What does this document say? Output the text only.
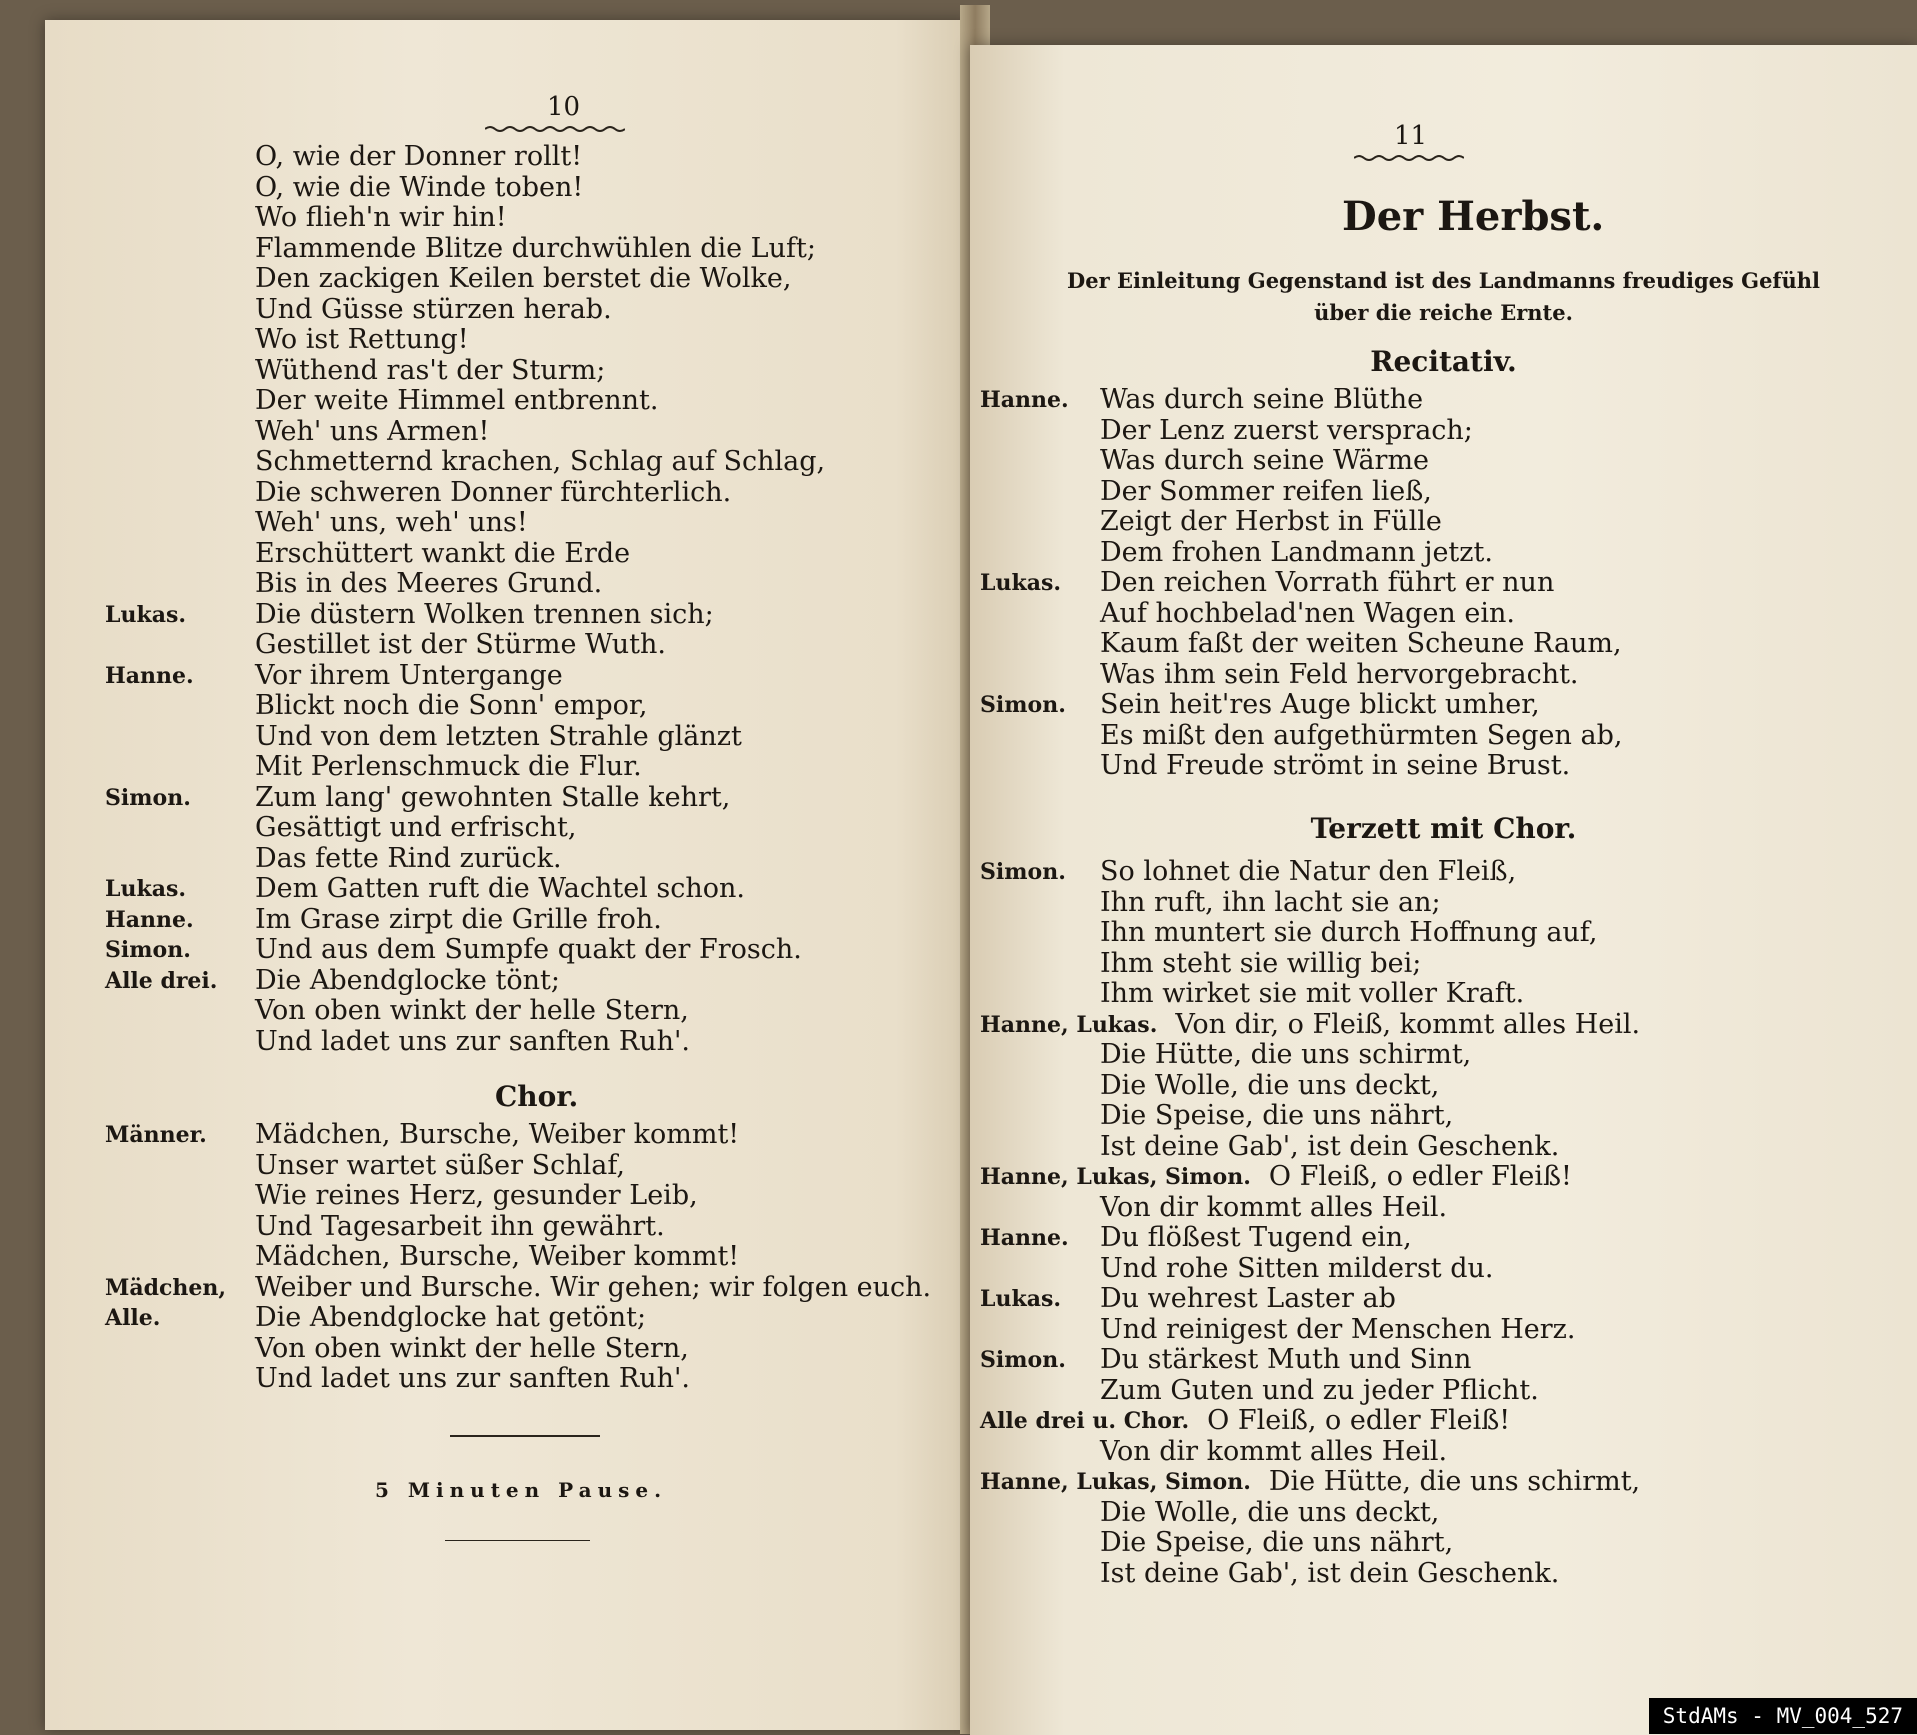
10
O, wie der Donner rollt!
O, wie die Winde toben!
Wo flieh'n wir hin!
Flammende Blitze durchwühlen die Luft;
Den zackigen Keilen berstet die Wolke,
Und Güsse stürzen herab.
Wo ist Rettung!
Wüthend ras't der Sturm;
Der weite Himmel entbrennt.
Weh' uns Armen!
Schmetternd krachen, Schlag auf Schlag,
Die schweren Donner fürchterlich.
Weh' uns, weh' uns!
Erschüttert wankt die Erde
Bis in des Meeres Grund.
Lukas.	Die düstern Wolken trennen sich;
Gestillet ist der Stürme Wuth.
Hanne.	Vor ihrem Untergange
Blickt noch die Sonn' empor,
Und von dem letzten Strahle glänzt
Mit Perlenschmuck die Flur.
Simon.	Zum lang' gewohnten Stalle kehrt,
Gesättigt und erfrischt,
Das fette Rind zurück.
Lukas.	Dem Gatten ruft die Wachtel schon.
Hanne.	Im Grase zirpt die Grille froh.
Simon.	Und aus dem Sumpfe quakt der Frosch.
Alle drei.	Die Abendglocke tönt;
Von oben winkt der helle Stern,
Und ladet uns zur sanften Ruh'.
Chor.
Männer.	Mädchen, Bursche, Weiber kommt!
Unser wartet süßer Schlaf,
Wie reines Herz, gesunder Leib,
Und Tagesarbeit ihn gewährt.
Mädchen, Bursche, Weiber kommt!
Mädchen,	Weiber und Bursche. Wir gehen; wir folgen euch.
Alle.	Die Abendglocke hat getönt;
Von oben winkt der helle Stern,
Und ladet uns zur sanften Ruh'.
5 Minuten Pause.
11
Der Herbst.
Der Einleitung Gegenstand ist des Landmanns freudiges Gefühl
über die reiche Ernte.
Recitativ.
Hanne.	Was durch seine Blüthe
Der Lenz zuerst versprach;
Was durch seine Wärme
Der Sommer reifen ließ,
Zeigt der Herbst in Fülle
Dem frohen Landmann jetzt.
Lukas.	Den reichen Vorrath führt er nun
Auf hochbelad'nen Wagen ein.
Kaum faßt der weiten Scheune Raum,
Was ihm sein Feld hervorgebracht.
Simon.	Sein heit'res Auge blickt umher,
Es mißt den aufgethürmten Segen ab,
Und Freude strömt in seine Brust.
Terzett mit Chor.
Simon.	So lohnet die Natur den Fleiß,
Ihn ruft, ihn lacht sie an;
Ihn muntert sie durch Hoffnung auf,
Ihm steht sie willig bei;
Ihm wirket sie mit voller Kraft.
Hanne, Lukas. Von dir, o Fleiß, kommt alles Heil.
Die Hütte, die uns schirmt,
Die Wolle, die uns deckt,
Die Speise, die uns nährt,
Ist deine Gab', ist dein Geschenk.
Hanne, Lukas, Simon. O Fleiß, o edler Fleiß!
Von dir kommt alles Heil.
Hanne.	Du flößest Tugend ein,
Und rohe Sitten milderst du.
Lukas.	Du wehrest Laster ab
Und reinigest der Menschen Herz.
Simon.	Du stärkest Muth und Sinn
Zum Guten und zu jeder Pflicht.
Alle drei u. Chor. O Fleiß, o edler Fleiß!
Von dir kommt alles Heil.
Hanne, Lukas, Simon. Die Hütte, die uns schirmt,
Die Wolle, die uns deckt,
Die Speise, die uns nährt,
Ist deine Gab', ist dein Geschenk.
StdAMs - MV_004_527
